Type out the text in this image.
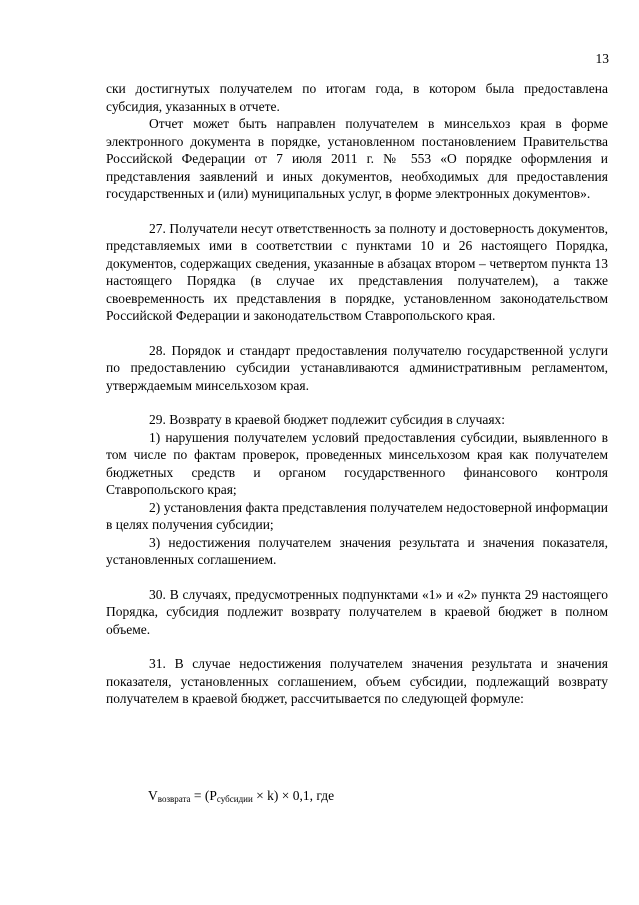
13

ски достигнутых получателем по итогам года, в котором была предоставлена субсидия, указанных в отчете.

Отчет может быть направлен получателем в минсельхоз края в форме электронного документа в порядке, установленном постановлением Правительства Российской Федерации от 7 июля 2011 г. № 553 «О порядке оформления и представления заявлений и иных документов, необходимых для предоставления государственных и (или) муниципальных услуг, в форме электронных документов».

27. Получатели несут ответственность за полноту и достоверность документов, представляемых ими в соответствии с пунктами 10 и 26 настоящего Порядка, документов, содержащих сведения, указанные в абзацах втором – четвертом пункта 13 настоящего Порядка (в случае их представления получателем), а также своевременность их представления в порядке, установленном законодательством Российской Федерации и законодательством Ставропольского края.

28. Порядок и стандарт предоставления получателю государственной услуги по предоставлению субсидии устанавливаются административным регламентом, утверждаемым минсельхозом края.

29. Возврату в краевой бюджет подлежит субсидия в случаях:

1) нарушения получателем условий предоставления субсидии, выявленного в том числе по фактам проверок, проведенных минсельхозом края как получателем бюджетных средств и органом государственного финансового контроля Ставропольского края;

2) установления факта представления получателем недостоверной информации в целях получения субсидии;

3) недостижения получателем значения результата и значения показателя, установленных соглашением.

30. В случаях, предусмотренных подпунктами «1» и «2» пункта 29 настоящего Порядка, субсидия подлежит возврату получателем в краевой бюджет в полном объеме.

31. В случае недостижения получателем значения результата и значения показателя, установленных соглашением, объем субсидии, подлежащий возврату получателем в краевой бюджет, рассчитывается по следующей формуле:

$V_{возврата} = (P_{субсидии} \times k) \times 0,1$, где
